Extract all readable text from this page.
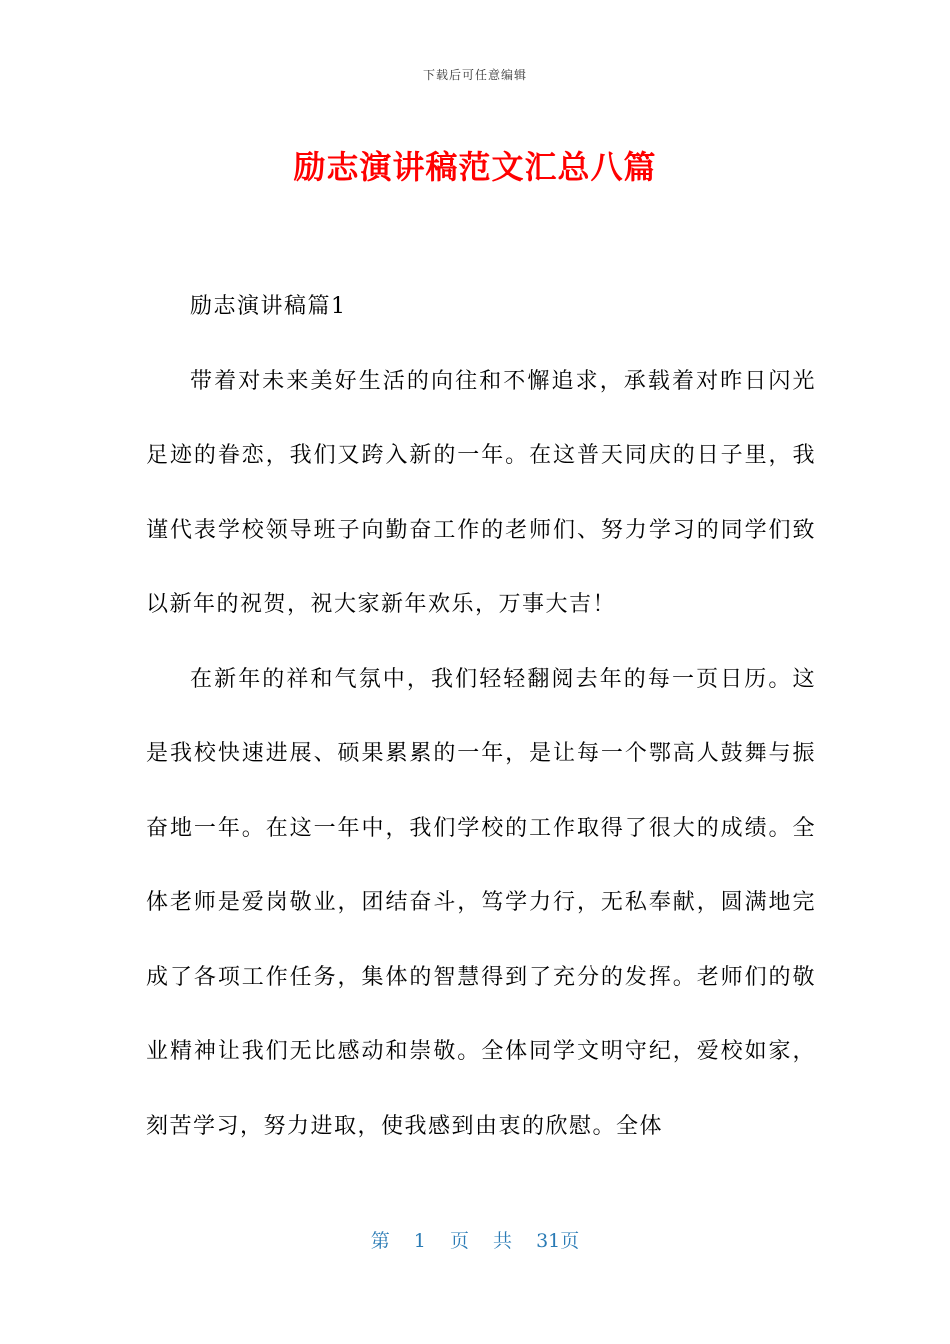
下载后可任意编辑
励志演讲稿范文汇总八篇

励志演讲稿篇1

带着对未来美好生活的向往和不懈追求，承载着对昨日闪光足迹的眷恋，我们又跨入新的一年。在这普天同庆的日子里，我谨代表学校领导班子向勤奋工作的老师们、努力学习的同学们致以新年的祝贺，祝大家新年欢乐，万事大吉！

在新年的祥和气氛中，我们轻轻翻阅去年的每一页日历。这是我校快速进展、硕果累累的一年，是让每一个鄂高人鼓舞与振奋地一年。在这一年中，我们学校的工作取得了很大的成绩。全体老师是爱岗敬业，团结奋斗，笃学力行，无私奉献，圆满地完成了各项工作任务，集体的智慧得到了充分的发挥。老师们的敬业精神让我们无比感动和崇敬。全体同学文明守纪，爱校如家，刻苦学习，努力进取，使我感到由衷的欣慰。全体

第 1 页 共 31页
